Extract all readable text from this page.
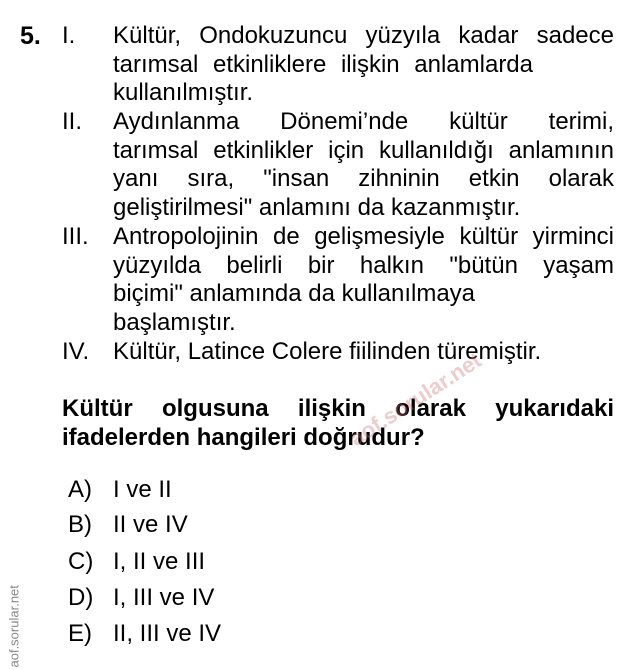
5. I. Kültür, Ondokuzuncu yüzyıla kadar sadece
tarımsal etkinliklere ilişkin anlamlarda
kullanılmıştır.
II. Aydınlanma Dönemi’nde kültür terimi,
tarımsal etkinlikler için kullanıldığı anlamının
yanı sıra, "insan zihninin etkin olarak
geliştirilmesi" anlamını da kazanmıştır.
III. Antropolojinin de gelişmesiyle kültür yirminci
yüzyılda belirli bir halkın "bütün yaşam
biçimi" anlamında da kullanılmaya
başlamıştır.
IV. Kültür, Latince Colere fiilinden türemiştir.
Kültür olgusuna ilişkin olarak yukarıdaki
ifadelerden hangileri doğrudur?
A) I ve II
B) II ve IV
C) I, II ve III
D) I, III ve IV
E) II, III ve IV
aof.sorular.net
aof.sorular.net
